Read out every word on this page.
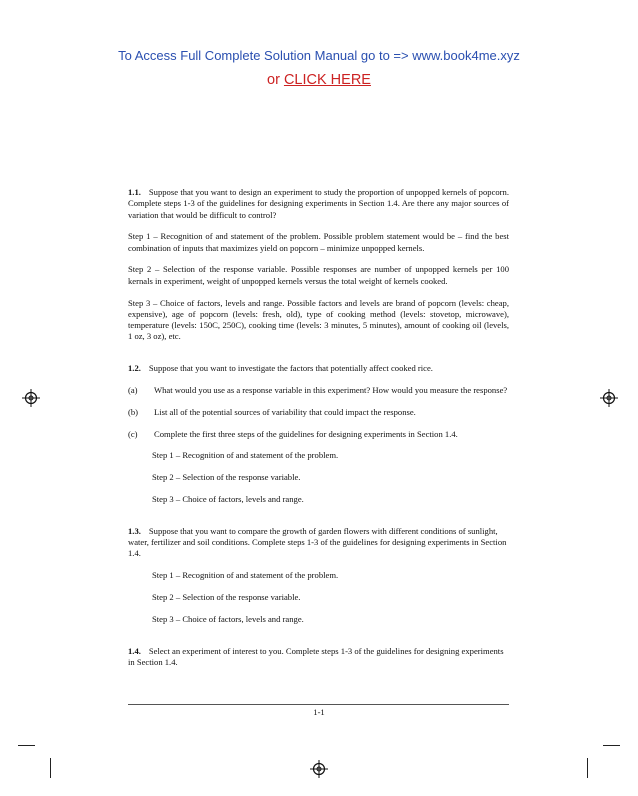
To Access Full Complete Solution Manual go to => www.book4me.xyz
or CLICK HERE

1.1. Suppose that you want to design an experiment to study the proportion of unpopped kernels of popcorn. Complete steps 1-3 of the guidelines for designing experiments in Section 1.4. Are there any major sources of variation that would be difficult to control?

Step 1 – Recognition of and statement of the problem. Possible problem statement would be – find the best combination of inputs that maximizes yield on popcorn – minimize unpopped kernels.

Step 2 – Selection of the response variable. Possible responses are number of unpopped kernels per 100 kernals in experiment, weight of unpopped kernels versus the total weight of kernels cooked.

Step 3 – Choice of factors, levels and range. Possible factors and levels are brand of popcorn (levels: cheap, expensive), age of popcorn (levels: fresh, old), type of cooking method (levels: stovetop, microwave), temperature (levels: 150C, 250C), cooking time (levels: 3 minutes, 5 minutes), amount of cooking oil (levels, 1 oz, 3 oz), etc.

1.2. Suppose that you want to investigate the factors that potentially affect cooked rice.

(a)	What would you use as a response variable in this experiment? How would you measure the response?
(b)	List all of the potential sources of variability that could impact the response.
(c)	Complete the first three steps of the guidelines for designing experiments in Section 1.4.
Step 1 – Recognition of and statement of the problem.
Step 2 – Selection of the response variable.
Step 3 – Choice of factors, levels and range.

1.3. Suppose that you want to compare the growth of garden flowers with different conditions of sunlight, water, fertilizer and soil conditions. Complete steps 1-3 of the guidelines for designing experiments in Section 1.4.

Step 1 – Recognition of and statement of the problem.
Step 2 – Selection of the response variable.
Step 3 – Choice of factors, levels and range.

1.4. Select an experiment of interest to you. Complete steps 1-3 of the guidelines for designing experiments in Section 1.4.

1-1
